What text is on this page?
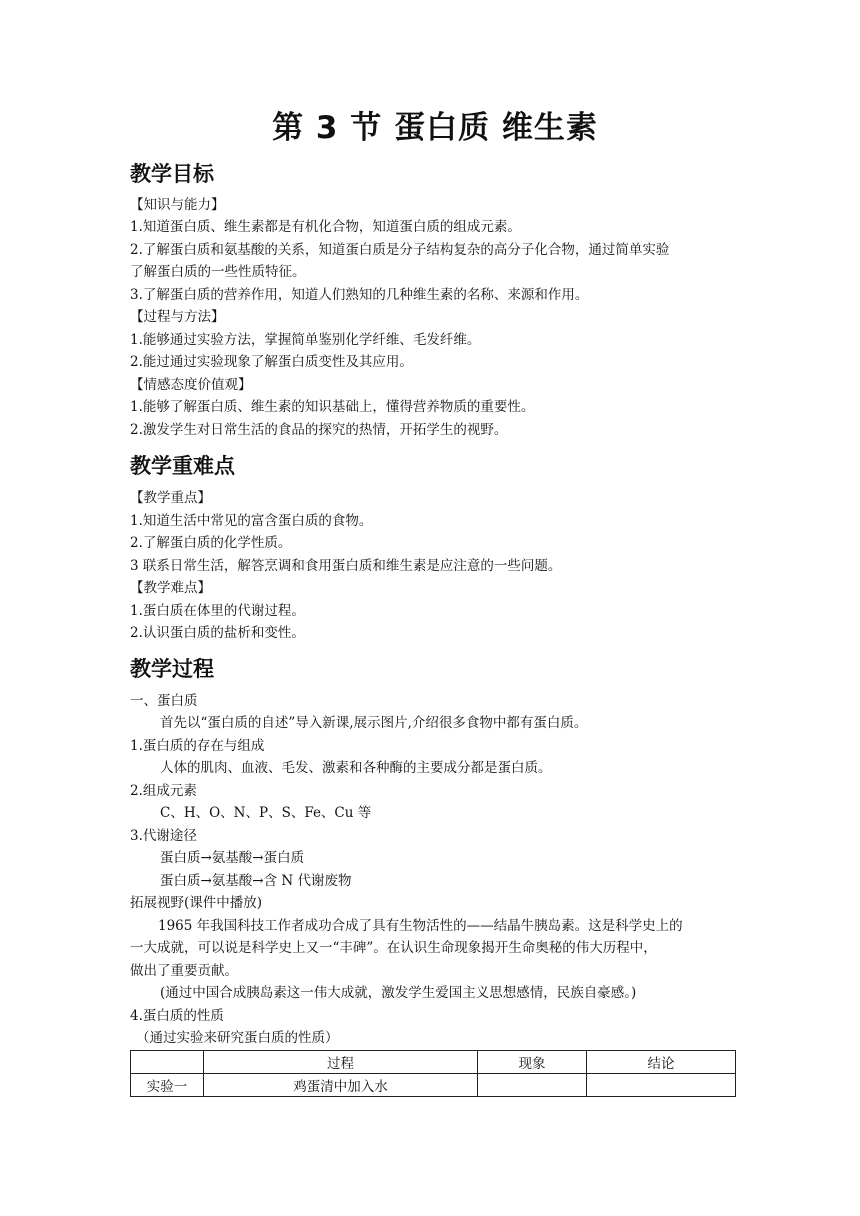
第 3 节 蛋白质 维生素
教学目标
【知识与能力】
1.知道蛋白质、维生素都是有机化合物，知道蛋白质的组成元素。
2.了解蛋白质和氨基酸的关系，知道蛋白质是分子结构复杂的高分子化合物，通过简单实验
了解蛋白质的一些性质特征。
3.了解蛋白质的营养作用，知道人们熟知的几种维生素的名称、来源和作用。
【过程与方法】
1.能够通过实验方法，掌握简单鉴别化学纤维、毛发纤维。
2.能过通过实验现象了解蛋白质变性及其应用。
【情感态度价值观】
1.能够了解蛋白质、维生素的知识基础上，懂得营养物质的重要性。
2.激发学生对日常生活的食品的探究的热情，开拓学生的视野。
教学重难点
【教学重点】
1.知道生活中常见的富含蛋白质的食物。
2.了解蛋白质的化学性质。
3 联系日常生活，解答烹调和食用蛋白质和维生素是应注意的一些问题。
【教学难点】
1.蛋白质在体里的代谢过程。
2.认识蛋白质的盐析和变性。
教学过程
一、蛋白质
首先以“蛋白质的自述”导入新课,展示图片,介绍很多食物中都有蛋白质。
1.蛋白质的存在与组成
人体的肌肉、血液、毛发、激素和各种酶的主要成分都是蛋白质。
2.组成元素
C、H、O、N、P、S、Fe、Cu 等
3.代谢途径
蛋白质→氨基酸→蛋白质
蛋白质→氨基酸→含 N 代谢废物
拓展视野(课件中播放)
1965 年我国科技工作者成功合成了具有生物活性的——结晶牛胰岛素。这是科学史上的
一大成就，可以说是科学史上又一“丰碑”。在认识生命现象揭开生命奥秘的伟大历程中，
做出了重要贡献。
(通过中国合成胰岛素这一伟大成就，激发学生爱国主义思想感情，民族自豪感。)
4.蛋白质的性质
（通过实验来研究蛋白质的性质）
	过程	现象	结论
实验一	鸡蛋清中加入水		
